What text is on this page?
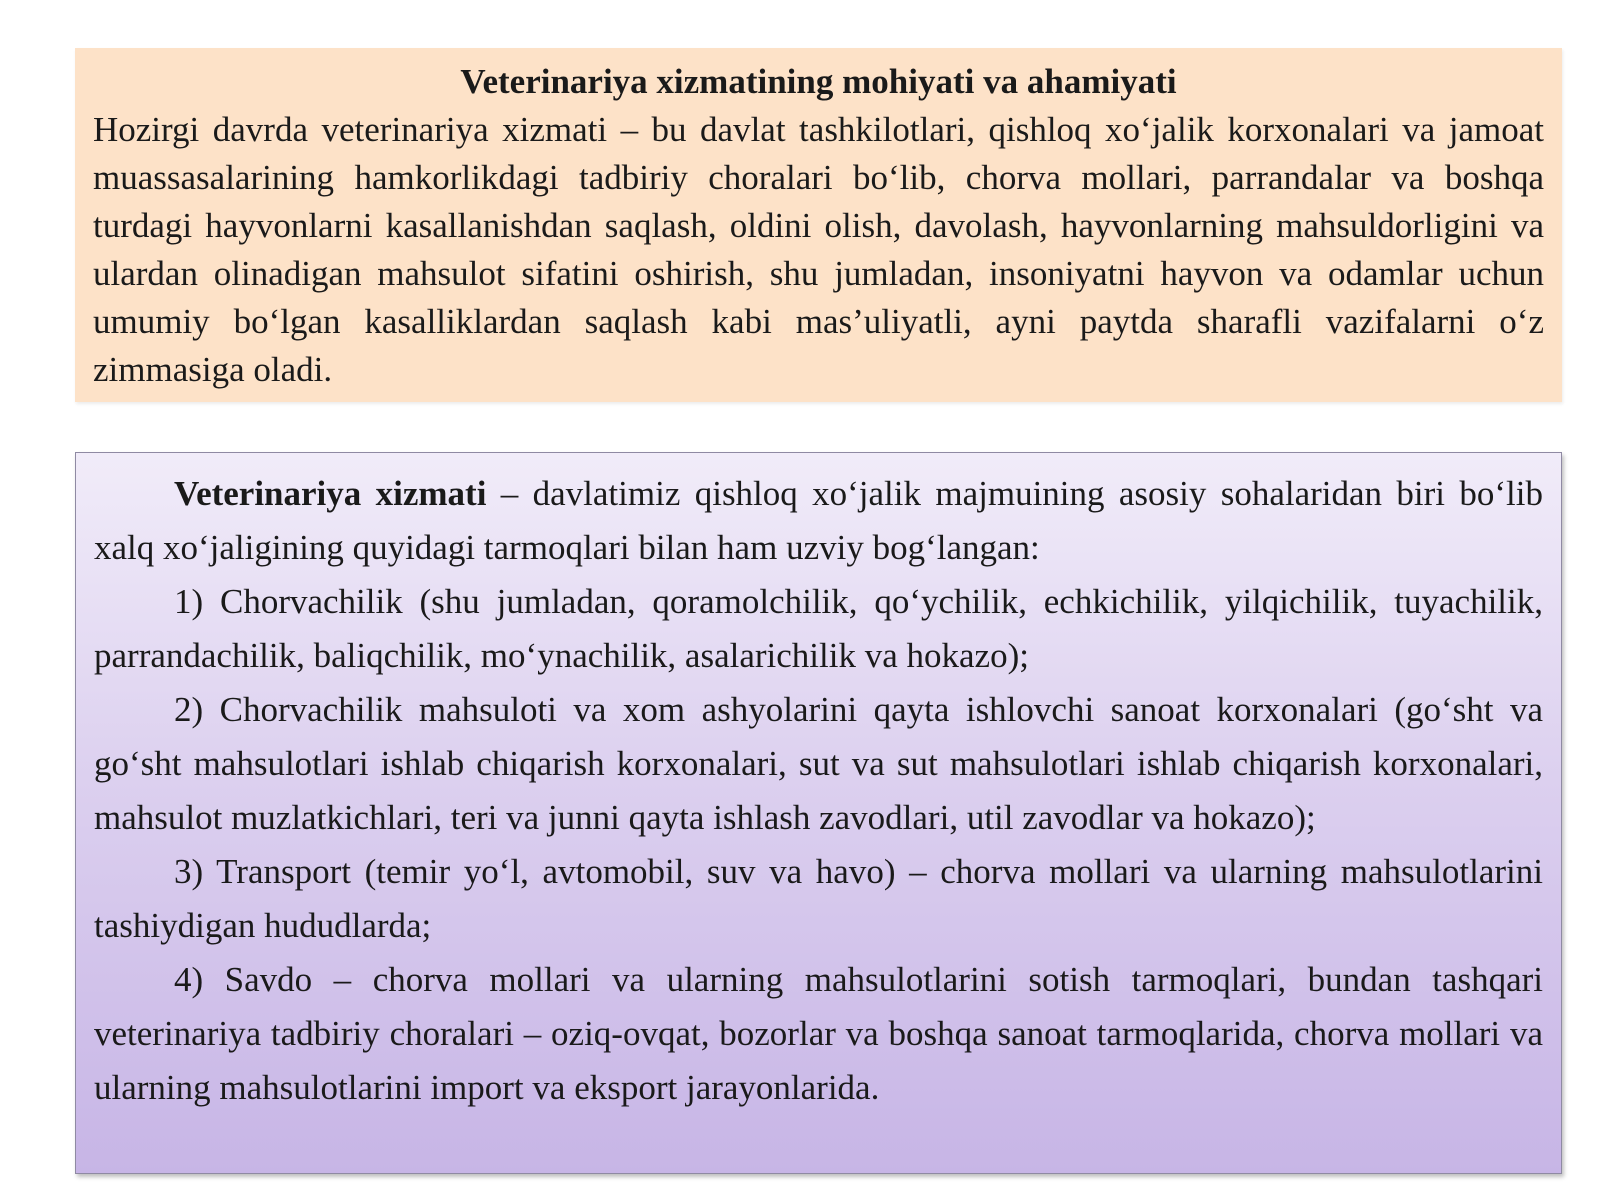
Veterinariya xizmatining mohiyati va ahamiyati

Hozirgi davrda veterinariya xizmati – bu davlat tashkilotlari, qishloq xo‘jalik korxonalari va jamoat muassasalarining hamkorlikdagi tadbiriy choralari bo‘lib, chorva mollari, parrandalar va boshqa turdagi hayvonlarni kasallanishdan saqlash, oldini olish, davolash, hayvonlarning mahsuldorligini va ulardan olinadigan mahsulot sifatini oshirish, shu jumladan, insoniyatni hayvon va odamlar uchun umumiy bo‘lgan kasalliklardan saqlash kabi mas’uliyatli, ayni paytda sharafli vazifalarni o‘z zimmasiga oladi.

Veterinariya xizmati – davlatimiz qishloq xo‘jalik majmuining asosiy sohalaridan biri bo‘lib xalq xo‘jaligining quyidagi tarmoqlari bilan ham uzviy bog‘langan:

1) Chorvachilik (shu jumladan, qoramolchilik, qo‘ychilik, echkichilik, yilqichilik, tuyachilik, parrandachilik, baliqchilik, mo‘ynachilik, asalarichilik va hokazo);

2) Chorvachilik mahsuloti va xom ashyolarini qayta ishlovchi sanoat korxonalari (go‘sht va go‘sht mahsulotlari ishlab chiqarish korxonalari, sut va sut mahsulotlari ishlab chiqarish korxonalari, mahsulot muzlatkichlari, teri va junni qayta ishlash zavodlari, util zavodlar va hokazo);

3) Transport (temir yo‘l, avtomobil, suv va havo) – chorva mollari va ularning mahsulotlarini tashiydigan hududlarda;

4) Savdo – chorva mollari va ularning mahsulotlarini sotish tarmoqlari, bundan tashqari veterinariya tadbiriy choralari – oziq-ovqat, bozorlar va boshqa sanoat tarmoqlarida, chorva mollari va ularning mahsulotlarini import va eksport jarayonlarida.
